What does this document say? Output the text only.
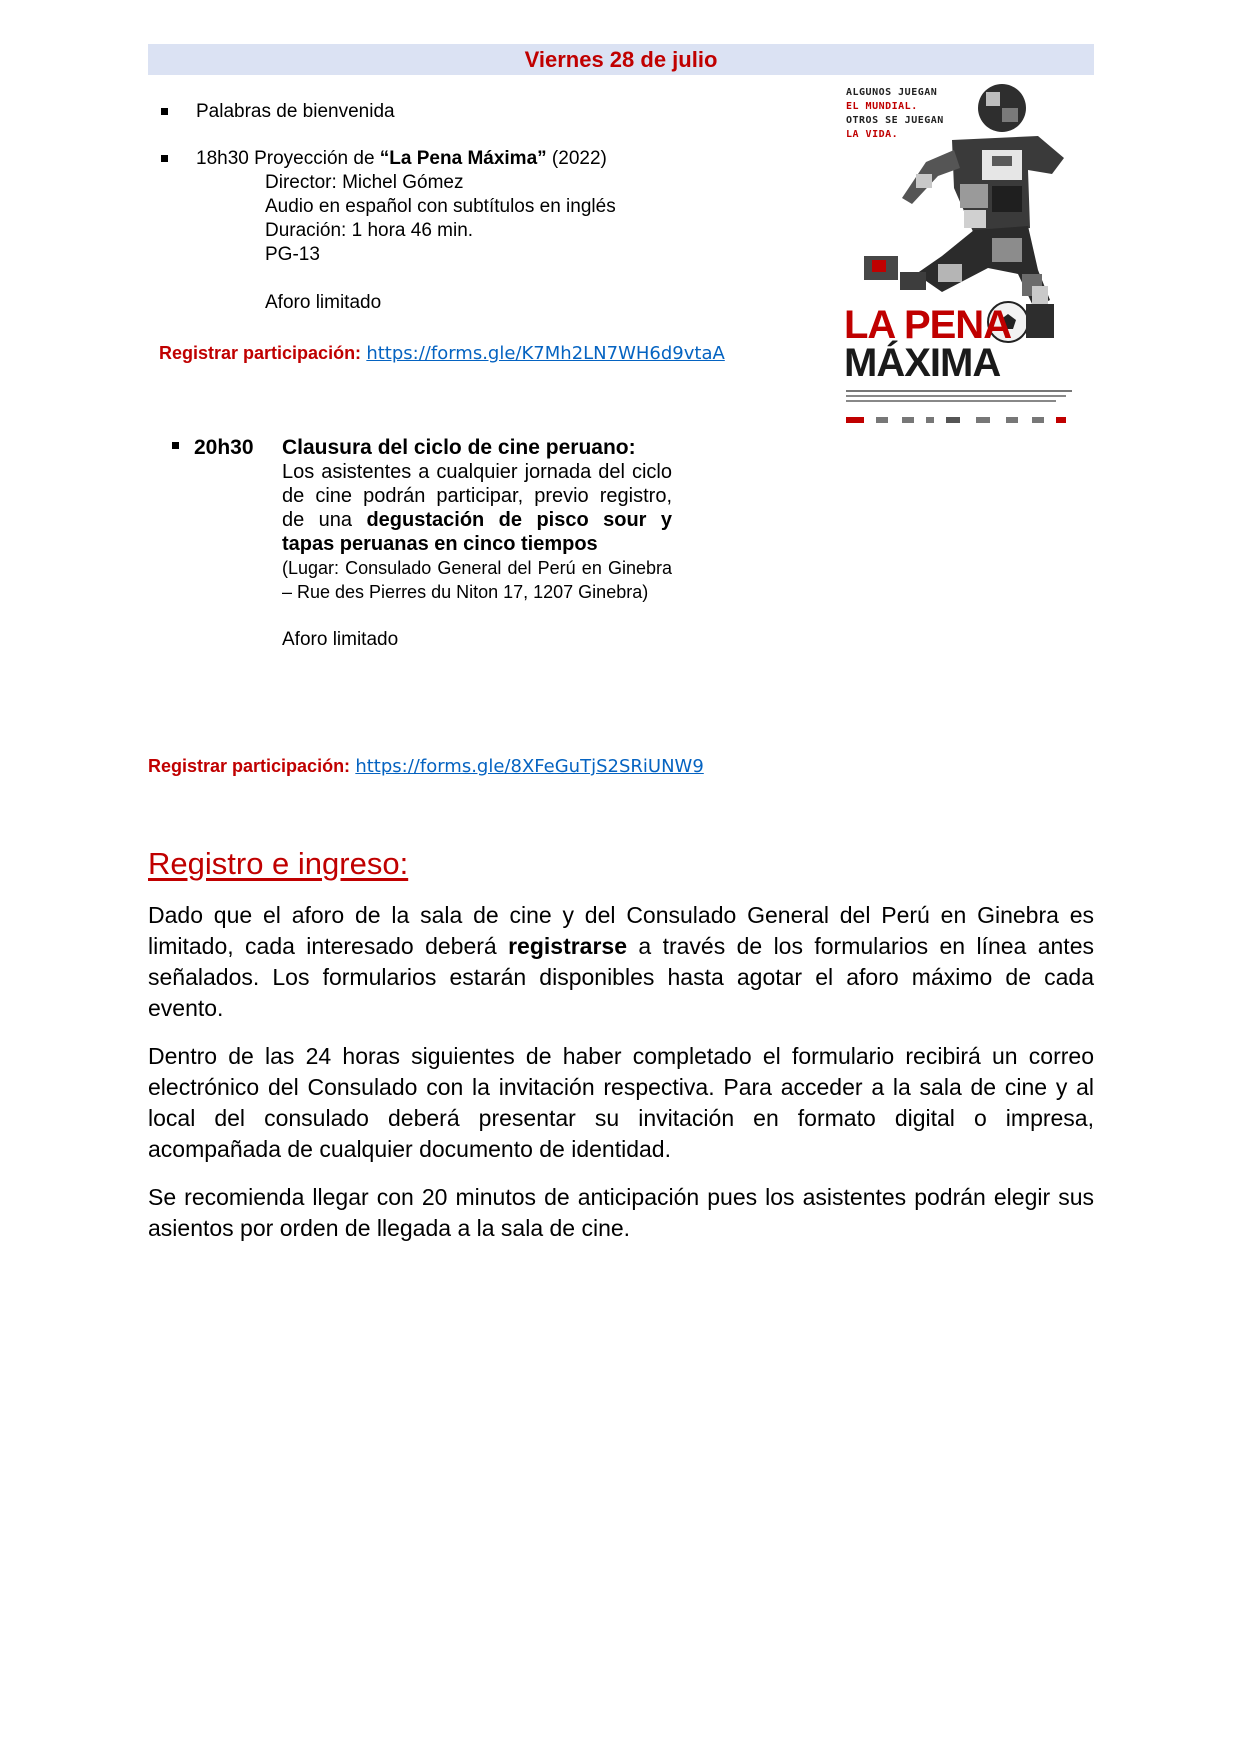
Viernes 28 de julio
Palabras de bienvenida
18h30 Proyección de “La Pena Máxima” (2022)
Director: Michel Gómez
Audio en español con subtítulos en inglés
Duración: 1 hora 46 min.
PG-13
Aforo limitado
Registrar participación: https://forms.gle/K7Mh2LN7WH6d9vtaA
20h30 Clausura del ciclo de cine peruano:
Los asistentes a cualquier jornada del ciclo de cine podrán participar, previo registro, de una degustación de pisco sour y tapas peruanas en cinco tiempos
(Lugar: Consulado General del Perú en Ginebra – Rue des Pierres du Niton 17, 1207 Ginebra)
Aforo limitado
Registrar participación: https://forms.gle/8XFeGuTjS2SRiUNW9
Registro e ingreso:
Dado que el aforo de la sala de cine y del Consulado General del Perú en Ginebra es limitado, cada interesado deberá registrarse a través de los formularios en línea antes señalados. Los formularios estarán disponibles hasta agotar el aforo máximo de cada evento.
Dentro de las 24 horas siguientes de haber completado el formulario recibirá un correo electrónico del Consulado con la invitación respectiva. Para acceder a la sala de cine y al local del consulado deberá presentar su invitación en formato digital o impresa, acompañada de cualquier documento de identidad.
Se recomienda llegar con 20 minutos de anticipación pues los asistentes podrán elegir sus asientos por orden de llegada a la sala de cine.
ALGUNOS JUEGAN
EL MUNDIAL.
OTROS SE JUEGAN
LA VIDA.
LA PENA
MÁXIMA
